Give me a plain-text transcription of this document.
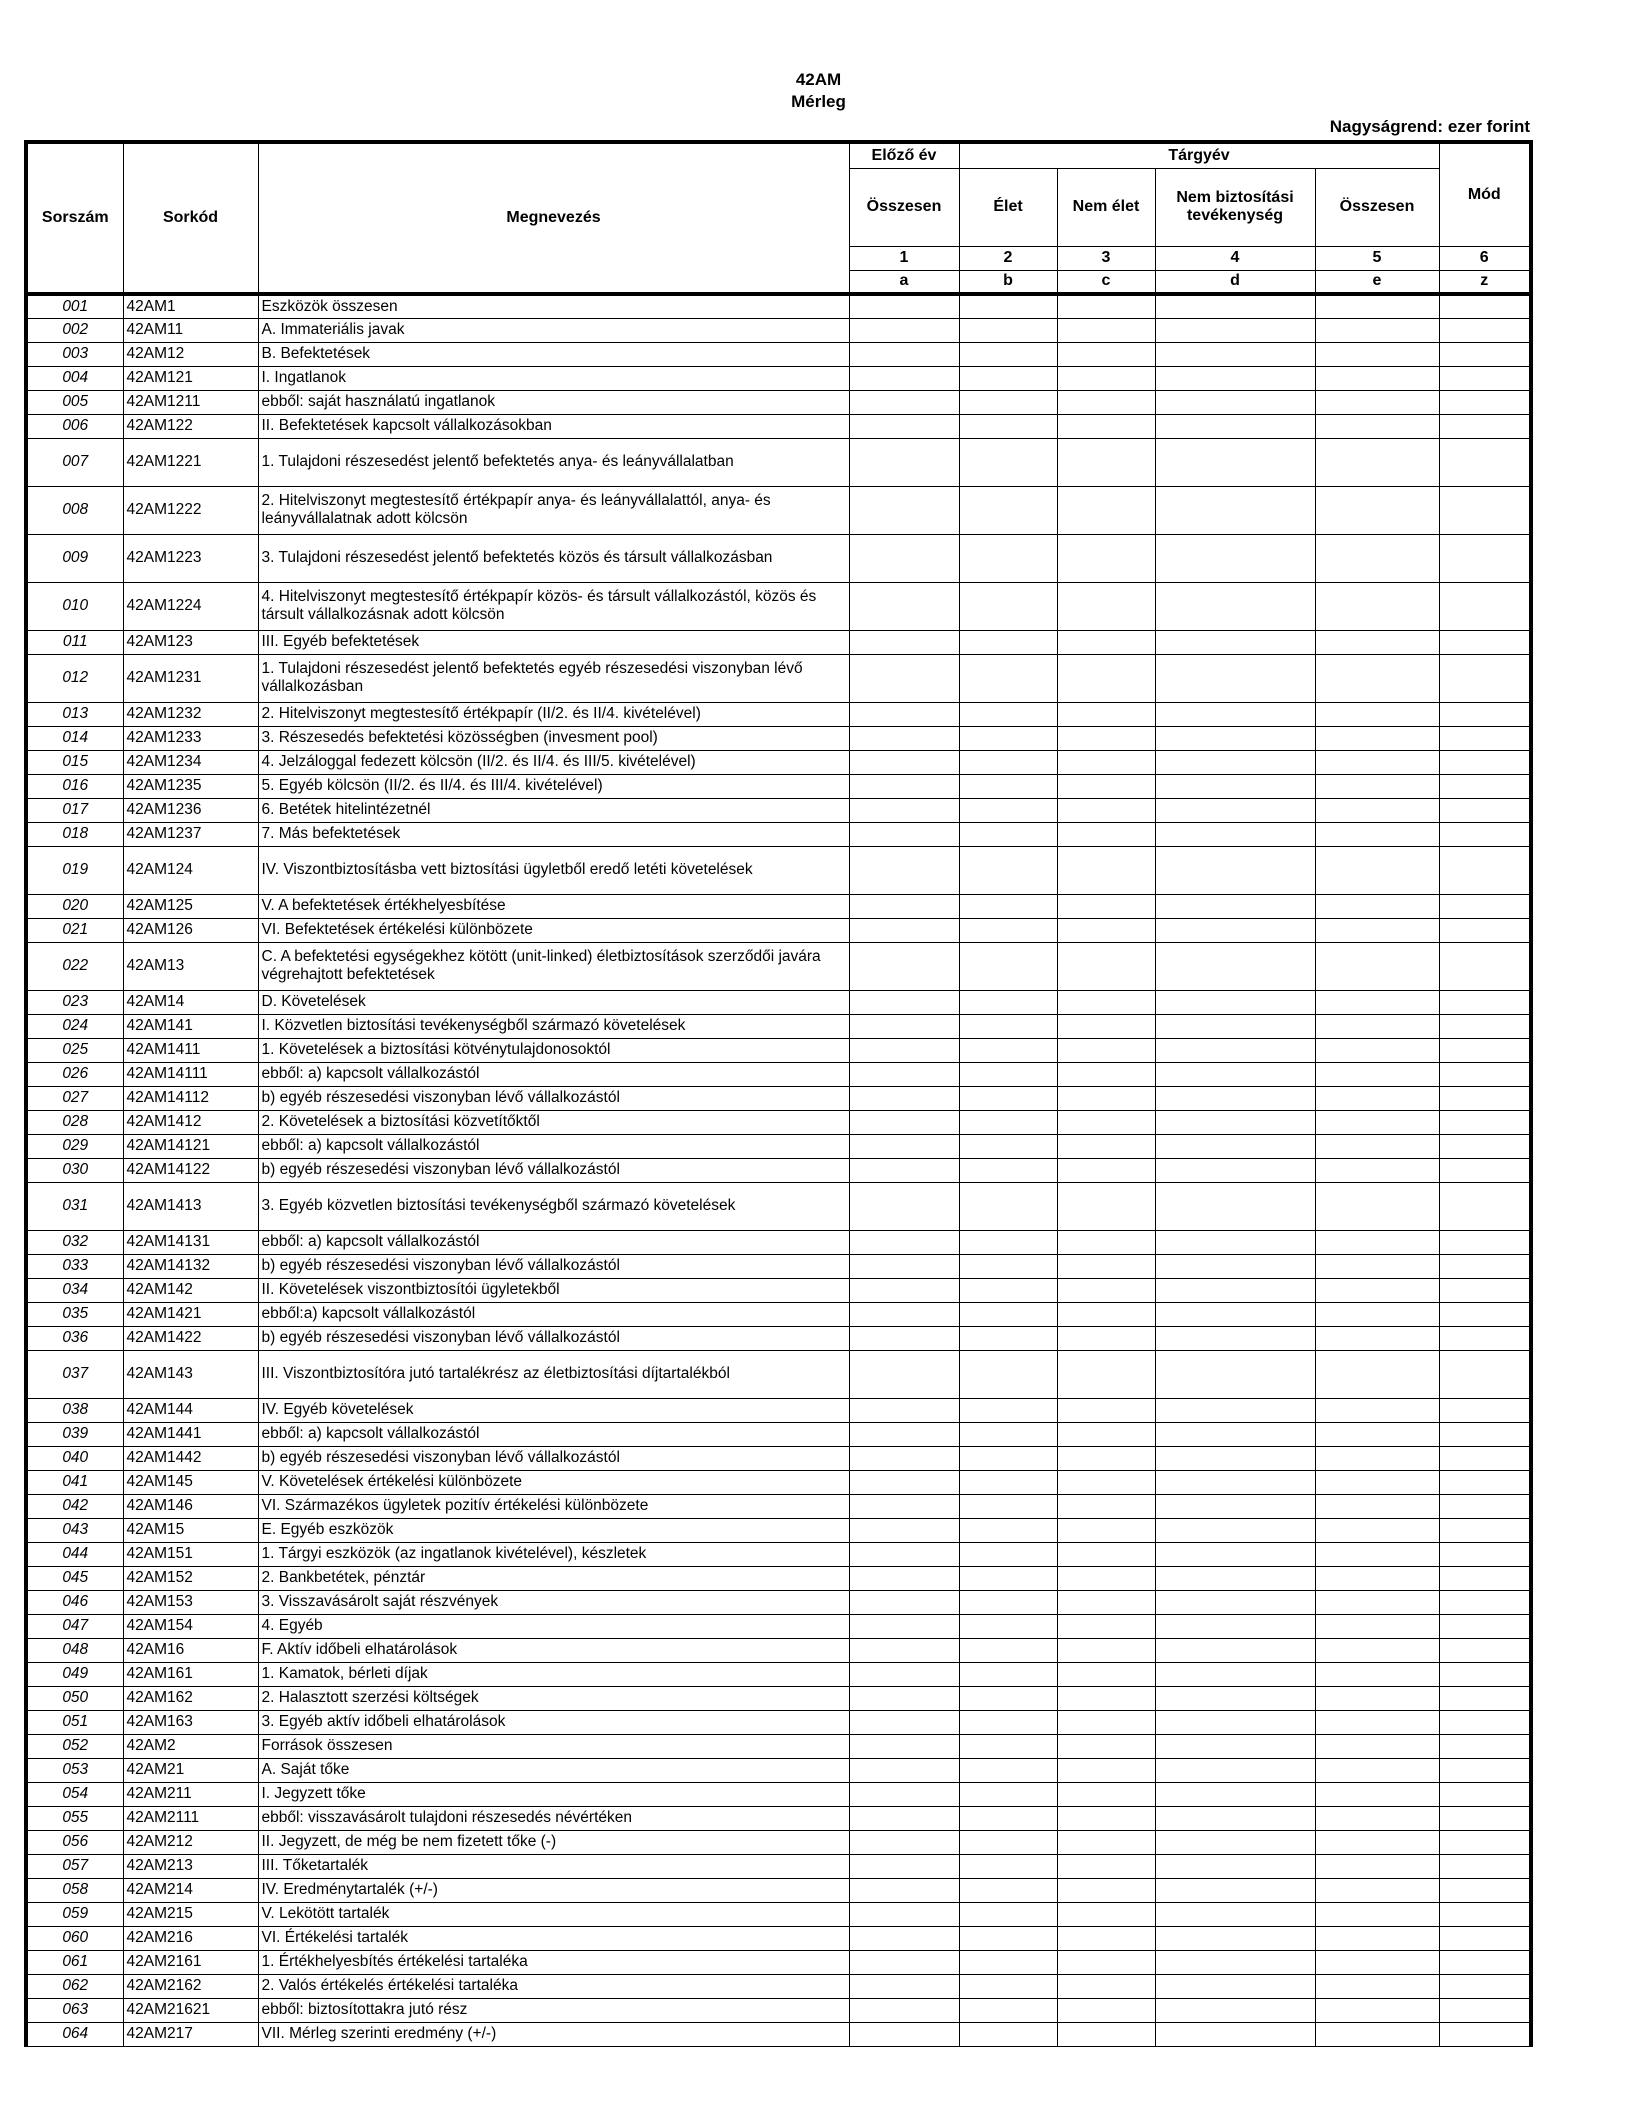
42AM
Mérleg
Nagyságrend: ezer forint
Sorszám	Sorkód	Megnevezés	Előző év	Tárgyév				Mód
			Összesen	Élet	Nem élet	Nem biztosítási tevékenység	Összesen	
			1	2	3	4	5	6
			a	b	c	d	e	z
001	42AM1	Eszközök összesen						
002	42AM11	A. Immateriális javak						
003	42AM12	B. Befektetések						
004	42AM121	I. Ingatlanok						
005	42AM1211	ebből: saját használatú ingatlanok						
006	42AM122	II. Befektetések kapcsolt vállalkozásokban						
007	42AM1221	1. Tulajdoni részesedést jelentő befektetés anya- és leányvállalatban						
008	42AM1222	2. Hitelviszonyt megtestesítő értékpapír anya- és leányvállalattól, anya- és leányvállalatnak adott kölcsön						
009	42AM1223	3. Tulajdoni részesedést jelentő befektetés közös és társult vállalkozásban						
010	42AM1224	4. Hitelviszonyt megtestesítő értékpapír közös- és társult vállalkozástól, közös és társult vállalkozásnak adott kölcsön						
011	42AM123	III. Egyéb befektetések						
012	42AM1231	1. Tulajdoni részesedést jelentő befektetés egyéb részesedési viszonyban lévő vállalkozásban						
013	42AM1232	2. Hitelviszonyt megtestesítő értékpapír (II/2. és II/4. kivételével)						
014	42AM1233	3. Részesedés befektetési közösségben (invesment pool)						
015	42AM1234	4. Jelzáloggal fedezett kölcsön (II/2. és II/4. és III/5. kivételével)						
016	42AM1235	5. Egyéb kölcsön (II/2. és II/4. és III/4. kivételével)						
017	42AM1236	6. Betétek hitelintézetnél						
018	42AM1237	7. Más befektetések						
019	42AM124	IV. Viszontbiztosításba vett biztosítási ügyletből eredő letéti követelések						
020	42AM125	V. A befektetések értékhelyesbítése						
021	42AM126	VI. Befektetések értékelési különbözete						
022	42AM13	C. A befektetési egységekhez kötött (unit-linked) életbiztosítások szerződői javára végrehajtott befektetések						
023	42AM14	D. Követelések						
024	42AM141	I. Közvetlen biztosítási tevékenységből származó követelések						
025	42AM1411	1. Követelések a biztosítási kötvénytulajdonosoktól						
026	42AM14111	ebből: a) kapcsolt vállalkozástól						
027	42AM14112	b) egyéb részesedési viszonyban lévő vállalkozástól						
028	42AM1412	2. Követelések a biztosítási közvetítőktől						
029	42AM14121	ebből: a) kapcsolt vállalkozástól						
030	42AM14122	b) egyéb részesedési viszonyban lévő vállalkozástól						
031	42AM1413	3. Egyéb közvetlen biztosítási tevékenységből származó követelések						
032	42AM14131	ebből: a) kapcsolt vállalkozástól						
033	42AM14132	b) egyéb részesedési viszonyban lévő vállalkozástól						
034	42AM142	II. Követelések viszontbiztosítói ügyletekből						
035	42AM1421	ebből:a) kapcsolt vállalkozástól						
036	42AM1422	b) egyéb részesedési viszonyban lévő vállalkozástól						
037	42AM143	III. Viszontbiztosítóra jutó tartalékrész az életbiztosítási díjtartalékból						
038	42AM144	IV. Egyéb követelések						
039	42AM1441	ebből: a) kapcsolt vállalkozástól						
040	42AM1442	b) egyéb részesedési viszonyban lévő vállalkozástól						
041	42AM145	V. Követelések értékelési különbözete						
042	42AM146	VI. Származékos ügyletek pozitív értékelési különbözete						
043	42AM15	E. Egyéb eszközök						
044	42AM151	1. Tárgyi eszközök (az ingatlanok kivételével), készletek						
045	42AM152	2. Bankbetétek, pénztár						
046	42AM153	3. Visszavásárolt saját részvények						
047	42AM154	4. Egyéb						
048	42AM16	F. Aktív időbeli elhatárolások						
049	42AM161	1. Kamatok, bérleti díjak						
050	42AM162	2. Halasztott szerzési költségek						
051	42AM163	3. Egyéb aktív időbeli elhatárolások						
052	42AM2	Források összesen						
053	42AM21	A. Saját tőke						
054	42AM211	I. Jegyzett tőke						
055	42AM2111	ebből: visszavásárolt tulajdoni részesedés névértéken						
056	42AM212	II. Jegyzett, de még be nem fizetett tőke (-)						
057	42AM213	III. Tőketartalék						
058	42AM214	IV. Eredménytartalék (+/-)						
059	42AM215	V. Lekötött tartalék						
060	42AM216	VI. Értékelési tartalék						
061	42AM2161	1. Értékhelyesbítés értékelési tartaléka						
062	42AM2162	2. Valós értékelés értékelési tartaléka						
063	42AM21621	ebből: biztosítottakra jutó rész						
064	42AM217	VII. Mérleg szerinti eredmény (+/-)						
